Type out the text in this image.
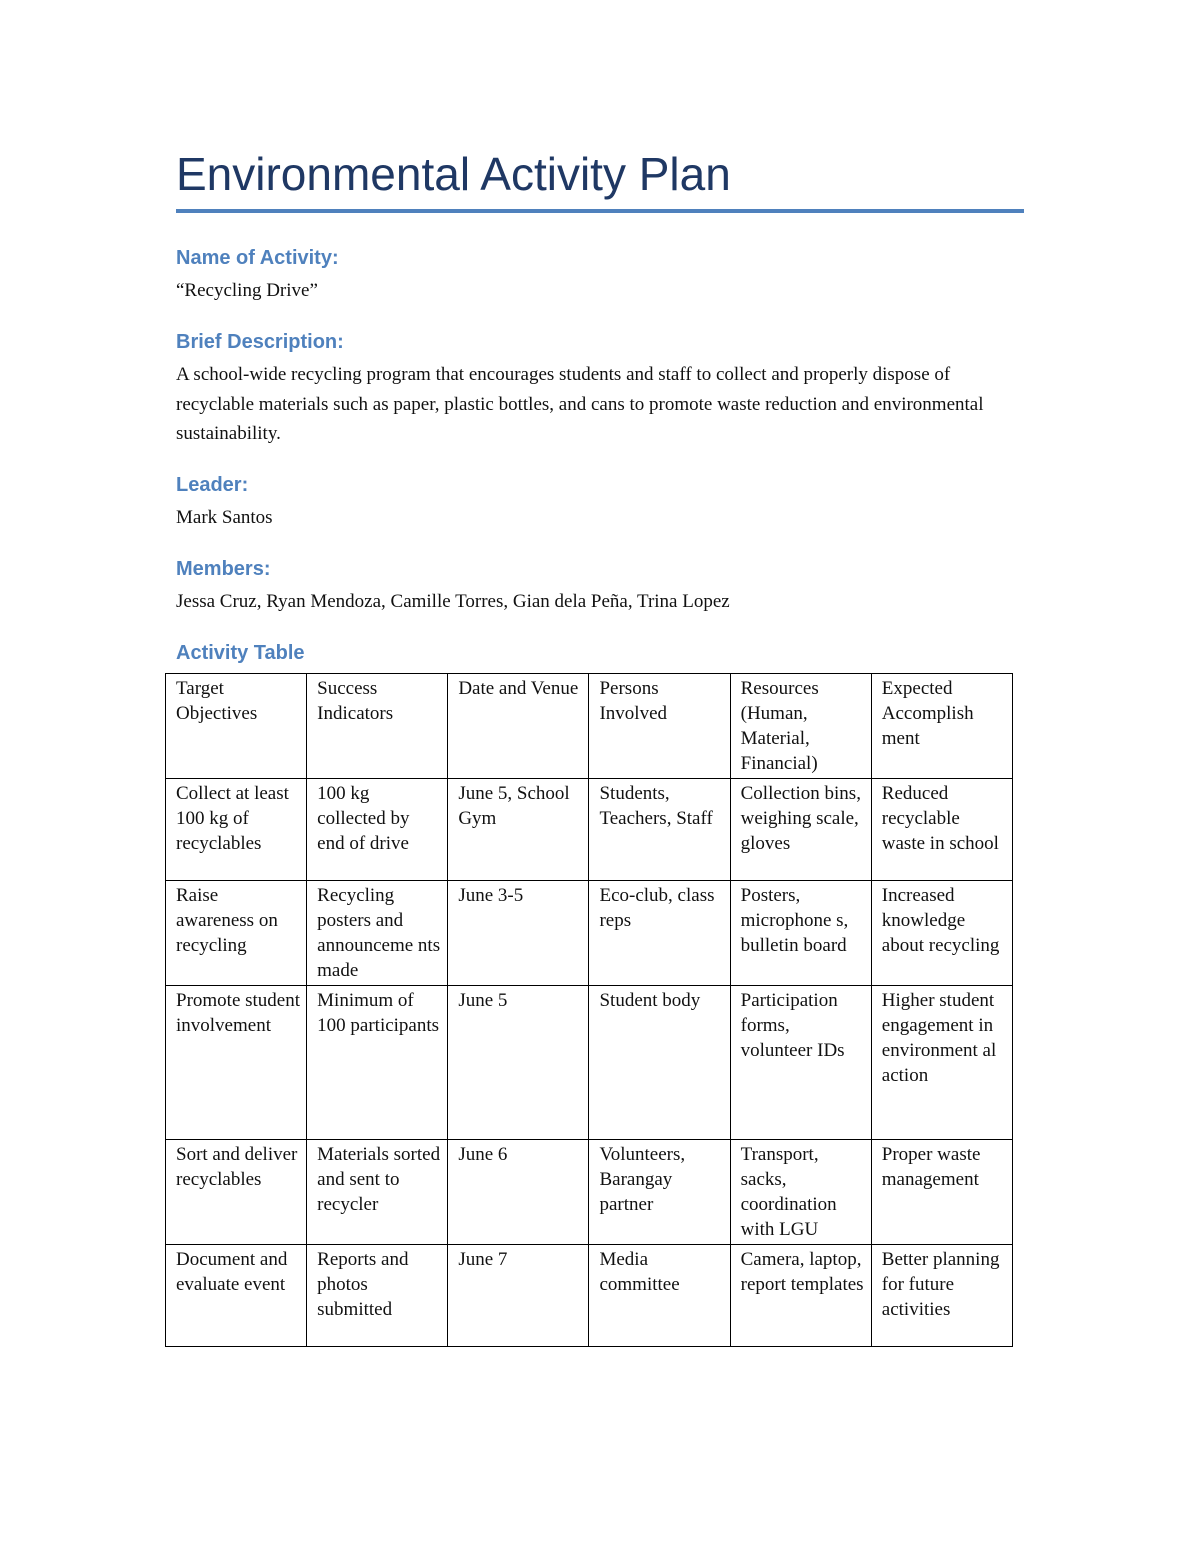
Environmental Activity Plan
Name of Activity:

“Recycling Drive”

Brief Description:

A school-wide recycling program that encourages students and staff to collect and properly dispose of recyclable materials such as paper, plastic bottles, and cans to promote waste reduction and environmental sustainability.

Leader:

Mark Santos

Members:

Jessa Cruz, Ryan Mendoza, Camille Torres, Gian dela Peña, Trina Lopez

Activity Table
Target Objectives	Success Indicators	Date and Venue	Persons Involved	Resources (Human, Material, Financial)	Expected Accomplish ment
Collect at least 100 kg of recyclables	100 kg collected by end of drive	June 5, School Gym	Students, Teachers, Staff	Collection bins, weighing scale, gloves	Reduced recyclable waste in school
Raise awareness on recycling	Recycling posters and announceme nts made	June 3-5	Eco-club, class reps	Posters, microphone s, bulletin board	Increased knowledge about recycling
Promote student involvement	Minimum of 100 participants	June 5	Student body	Participation forms, volunteer IDs	Higher student engagement in environment al action
Sort and deliver recyclables	Materials sorted and sent to recycler	June 6	Volunteers, Barangay partner	Transport, sacks, coordination with LGU	Proper waste management
Document and evaluate event	Reports and photos submitted	June 7	Media committee	Camera, laptop, report templates	Better planning for future activities
